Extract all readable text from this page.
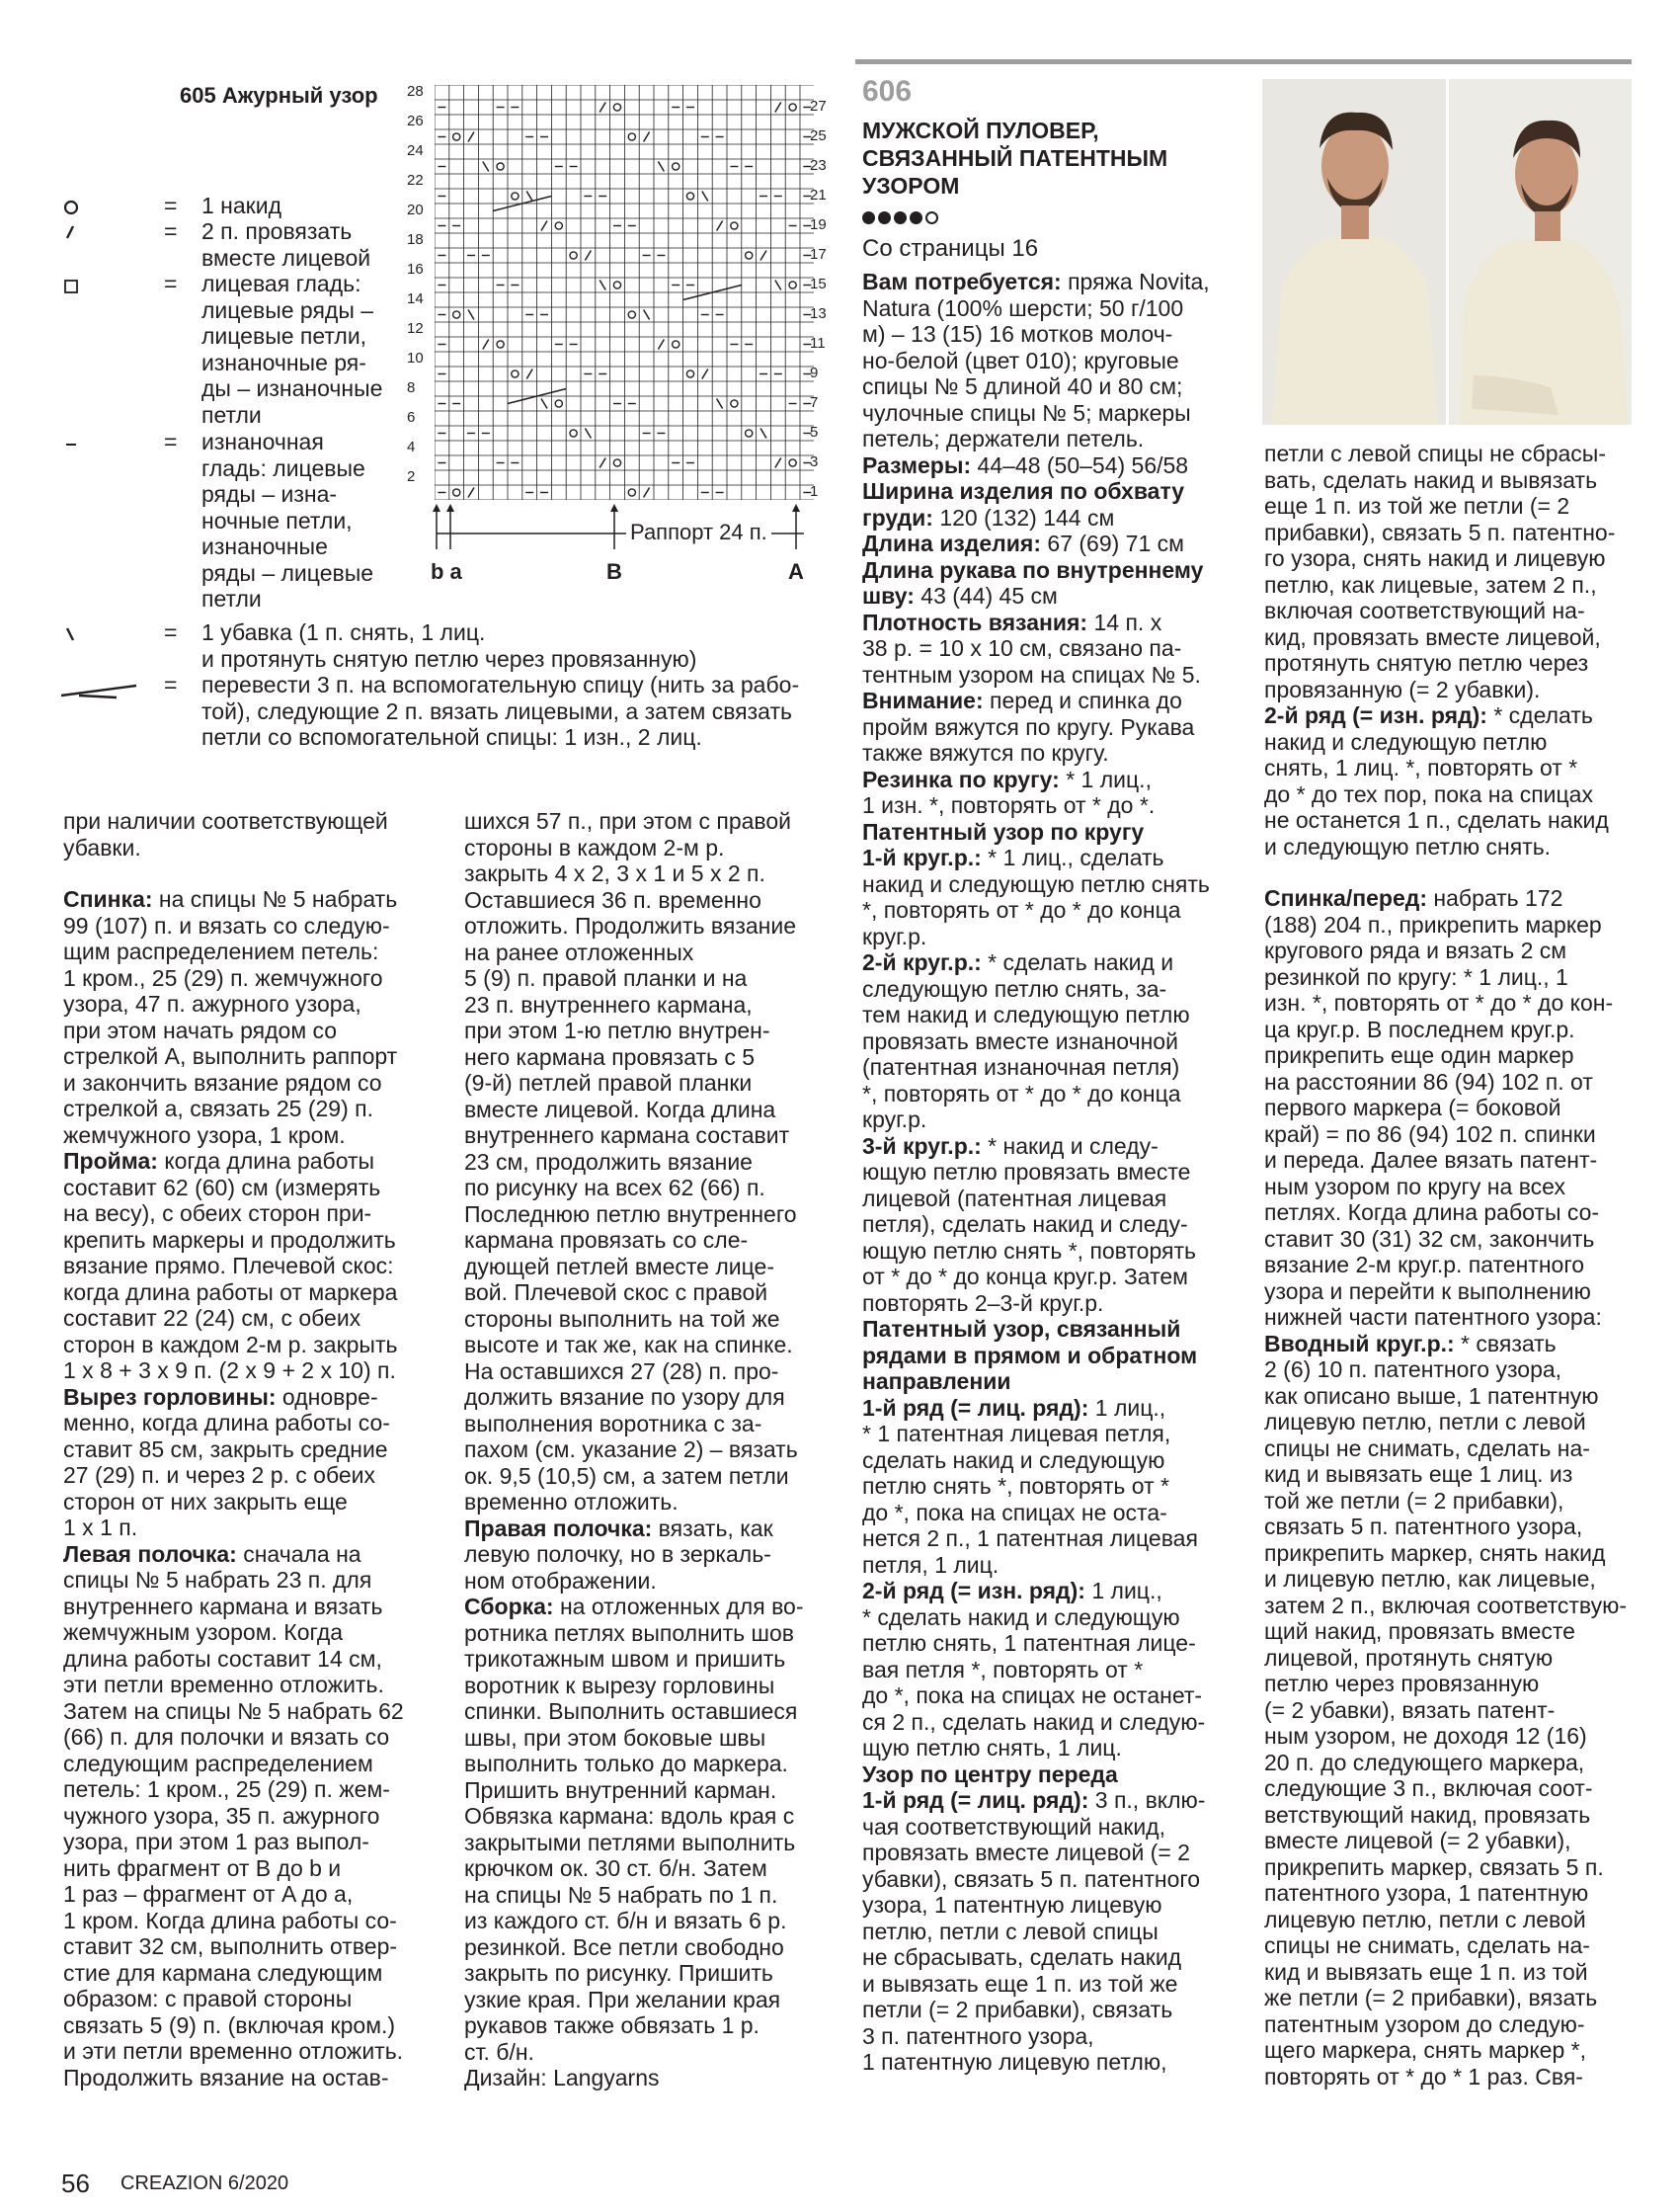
605 Ажурный узор
=
=
=
=
=
=
1 накид
2 п. провязать
вместе лицевой
лицевая гладь:
лицевые ряды –
лицевые петли,
изнаночные ря-
ды – изнаночные
петли
изнаночная
гладь: лицевые
ряды – изна-
ночные петли,
изнаночные
ряды – лицевые
петли
1 убавка (1 п. снять, 1 лиц.
и протянуть снятую петлю через провязанную)
перевести 3 п. на вспомогательную спицу (нить за рабо-
той), следующие 2 п. вязать лицевыми, а затем связать
петли со вспомогательной спицы: 1 изн., 2 лиц.
28
26
24
22
20
18
16
14
12
10
8
6
4
2
27
25
23
21
19
17
15
13
11
9
7
5
3
1
Раппорт 24 п.
b a	B	A
606
МУЖСКОЙ ПУЛОВЕР,
СВЯЗАННЫЙ ПАТЕНТНЫМ
УЗОРОМ
Со страницы 16

при наличии соответствующей
убавки.

Спинка: на спицы № 5 набрать
99 (107) п. и вязать со следую-
щим распределением петель:
1 кром., 25 (29) п. жемчужного
узора, 47 п. ажурного узора,
при этом начать рядом со
стрелкой A, выполнить раппорт
и закончить вязание рядом со
стрелкой a, связать 25 (29) п.
жемчужного узора, 1 кром.

Пройма: когда длина работы
составит 62 (60) см (измерять
на весу), с обеих сторон при-
крепить маркеры и продолжить
вязание прямо. Плечевой скос:
когда длина работы от маркера
составит 22 (24) см, с обеих
сторон в каждом 2-м р. закрыть
1 х 8 + 3 х 9 п. (2 х 9 + 2 х 10) п.

Вырез горловины: одновре-
менно, когда длина работы со-
ставит 85 см, закрыть средние
27 (29) п. и через 2 р. с обеих
сторон от них закрыть еще
1 х 1 п.

Левая полочка: сначала на
спицы № 5 набрать 23 п. для
внутреннего кармана и вязать
жемчужным узором. Когда
длина работы составит 14 см,
эти петли временно отложить.
Затем на спицы № 5 набрать 62
(66) п. для полочки и вязать со
следующим распределением
петель: 1 кром., 25 (29) п. жем-
чужного узора, 35 п. ажурного
узора, при этом 1 раз выпол-
нить фрагмент от B до b и
1 раз – фрагмент от A до a,
1 кром. Когда длина работы со-
ставит 32 см, выполнить отвер-
стие для кармана следующим
образом: с правой стороны
связать 5 (9) п. (включая кром.)
и эти петли временно отложить.
Продолжить вязание на остав-

шихся 57 п., при этом с правой
стороны в каждом 2-м р.
закрыть 4 х 2, 3 х 1 и 5 х 2 п.
Оставшиеся 36 п. временно
отложить. Продолжить вязание
на ранее отложенных
5 (9) п. правой планки и на
23 п. внутреннего кармана,
при этом 1-ю петлю внутрен-
него кармана провязать с 5
(9-й) петлей правой планки
вместе лицевой. Когда длина
внутреннего кармана составит
23 см, продолжить вязание
по рисунку на всех 62 (66) п.
Последнюю петлю внутреннего
кармана провязать со сле-
дующей петлей вместе лице-
вой. Плечевой скос с правой
стороны выполнить на той же
высоте и так же, как на спинке.
На оставшихся 27 (28) п. про-
должить вязание по узору для
выполнения воротника с за-
пахом (см. указание 2) – вязать
ок. 9,5 (10,5) см, а затем петли
временно отложить.

Правая полочка: вязать, как
левую полочку, но в зеркаль-
ном отображении.

Сборка: на отложенных для во-
ротника петлях выполнить шов
трикотажным швом и пришить
воротник к вырезу горловины
спинки. Выполнить оставшиеся
швы, при этом боковые швы
выполнить только до маркера.
Пришить внутренний карман.
Обвязка кармана: вдоль края с
закрытыми петлями выполнить
крючком ок. 30 ст. б/н. Затем
на спицы № 5 набрать по 1 п.
из каждого ст. б/н и вязать 6 р.
резинкой. Все петли свободно
закрыть по рисунку. Пришить
узкие края. При желании края
рукавов также обвязать 1 р.
ст. б/н.

Дизайн: Langyarns

Вам потребуется: пряжа Novita,
Natura (100% шерсти; 50 г/100
м) – 13 (15) 16 мотков молоч-
но-белой (цвет 010); круговые
спицы № 5 длиной 40 и 80 см;
чулочные спицы № 5; маркеры
петель; держатели петель.

Размеры: 44–48 (50–54) 56/58

Ширина изделия по обхвату
груди: 120 (132) 144 см

Длина изделия: 67 (69) 71 см

Длина рукава по внутреннему
шву: 43 (44) 45 см

Плотность вязания: 14 п. х
38 р. = 10 х 10 см, связано па-
тентным узором на спицах № 5.

Внимание: перед и спинка до
пройм вяжутся по кругу. Рукава
также вяжутся по кругу.

Резинка по кругу: * 1 лиц.,
1 изн. *, повторять от * до *.

Патентный узор по кругу

1-й круг.р.: * 1 лиц., сделать
накид и следующую петлю снять
*, повторять от * до * до конца
круг.р.

2-й круг.р.: * сделать накид и
следующую петлю снять, за-
тем накид и следующую петлю
провязать вместе изнаночной
(патентная изнаночная петля)
*, повторять от * до * до конца
круг.р.

3-й круг.р.: * накид и следу-
ющую петлю провязать вместе
лицевой (патентная лицевая
петля), сделать накид и следу-
ющую петлю снять *, повторять
от * до * до конца круг.р. Затем
повторять 2–3-й круг.р.

Патентный узор, связанный
рядами в прямом и обратном
направлении

1-й ряд (= лиц. ряд): 1 лиц.,
* 1 патентная лицевая петля,
сделать накид и следующую
петлю снять *, повторять от *
до *, пока на спицах не оста-
нется 2 п., 1 патентная лицевая
петля, 1 лиц.

2-й ряд (= изн. ряд): 1 лиц.,
* сделать накид и следующую
петлю снять, 1 патентная лице-
вая петля *, повторять от *
до *, пока на спицах не останет-
ся 2 п., сделать накид и следую-
щую петлю снять, 1 лиц.

Узор по центру переда

1-й ряд (= лиц. ряд): 3 п., вклю-
чая соответствующий накид,
провязать вместе лицевой (= 2
убавки), связать 5 п. патентного
узора, 1 патентную лицевую
петлю, петли с левой спицы
не сбрасывать, сделать накид
и вывязать еще 1 п. из той же
петли (= 2 прибавки), связать
3 п. патентного узора,
1 патентную лицевую петлю,

петли с левой спицы не сбрасы-
вать, сделать накид и вывязать
еще 1 п. из той же петли (= 2
прибавки), связать 5 п. патентно-
го узора, снять накид и лицевую
петлю, как лицевые, затем 2 п.,
включая соответствующий на-
кид, провязать вместе лицевой,
протянуть снятую петлю через
провязанную (= 2 убавки).

2-й ряд (= изн. ряд): * сделать
накид и следующую петлю
снять, 1 лиц. *, повторять от *
до * до тех пор, пока на спицах
не останется 1 п., сделать накид
и следующую петлю снять.

Спинка/перед: набрать 172
(188) 204 п., прикрепить маркер
кругового ряда и вязать 2 см
резинкой по кругу: * 1 лиц., 1
изн. *, повторять от * до * до кон-
ца круг.р. В последнем круг.р.
прикрепить еще один маркер
на расстоянии 86 (94) 102 п. от
первого маркера (= боковой
край) = по 86 (94) 102 п. спинки
и переда. Далее вязать патент-
ным узором по кругу на всех
петлях. Когда длина работы со-
ставит 30 (31) 32 см, закончить
вязание 2-м круг.р. патентного
узора и перейти к выполнению
нижней части патентного узора:

Вводный круг.р.: * связать
2 (6) 10 п. патентного узора,
как описано выше, 1 патентную
лицевую петлю, петли с левой
спицы не снимать, сделать на-
кид и вывязать еще 1 лиц. из
той же петли (= 2 прибавки),
связать 5 п. патентного узора,
прикрепить маркер, снять накид
и лицевую петлю, как лицевые,
затем 2 п., включая соответствую-
щий накид, провязать вместе
лицевой, протянуть снятую
петлю через провязанную
(= 2 убавки), вязать патент-
ным узором, не доходя 12 (16)
20 п. до следующего маркера,
следующие 3 п., включая соот-
ветствующий накид, провязать
вместе лицевой (= 2 убавки),
прикрепить маркер, связать 5 п.
патентного узора, 1 патентную
лицевую петлю, петли с левой
спицы не снимать, сделать на-
кид и вывязать еще 1 п. из той
же петли (= 2 прибавки), вязать
патентным узором до следую-
щего маркера, снять маркер *,
повторять от * до * 1 раз. Свя-

56 CREAZION 6/2020
